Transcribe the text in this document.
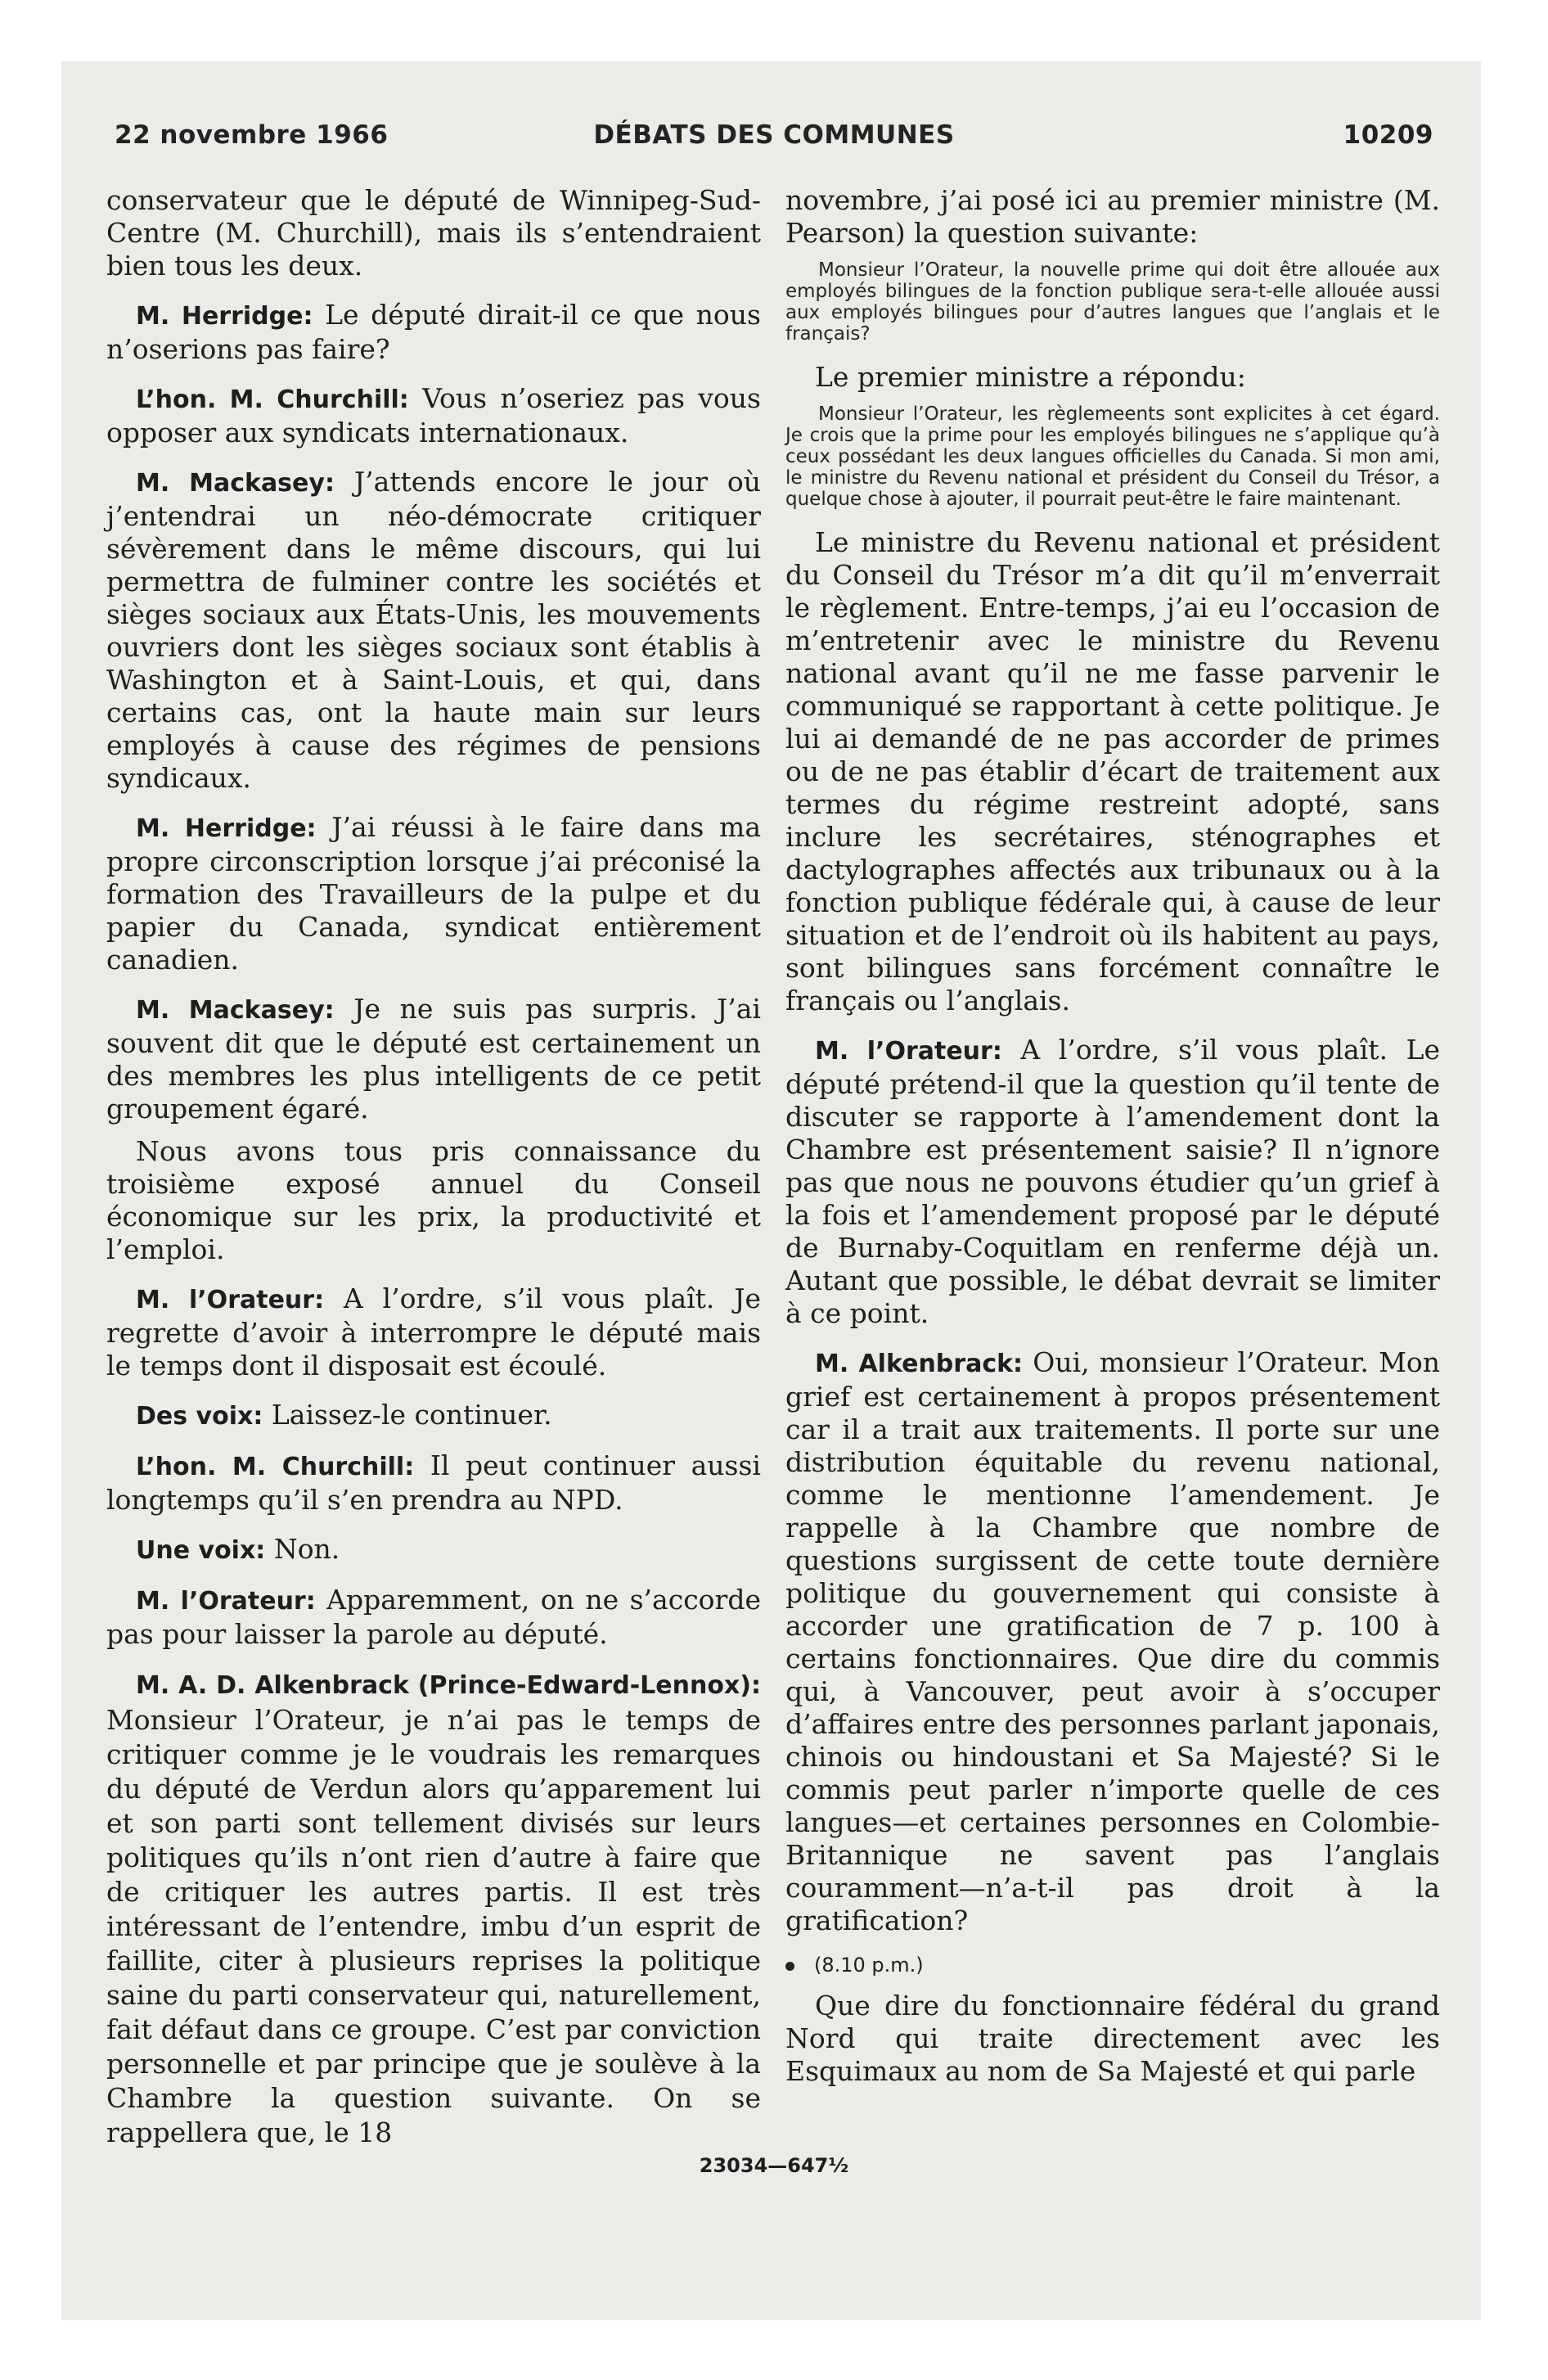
22 novembre 1966	DÉBATS DES COMMUNES	10209

conservateur que le député de Winnipeg-Sud-Centre (M. Churchill), mais ils s’entendraient bien tous les deux.

M. Herridge: Le député dirait-il ce que nous n’oserions pas faire?

L’hon. M. Churchill: Vous n’oseriez pas vous opposer aux syndicats internationaux.

M. Mackasey: J’attends encore le jour où j’entendrai un néo-démocrate critiquer sévèrement dans le même discours, qui lui permettra de fulminer contre les sociétés et sièges sociaux aux États-Unis, les mouvements ouvriers dont les sièges sociaux sont établis à Washington et à Saint-Louis, et qui, dans certains cas, ont la haute main sur leurs employés à cause des régimes de pensions syndicaux.

M. Herridge: J’ai réussi à le faire dans ma propre circonscription lorsque j’ai préconisé la formation des Travailleurs de la pulpe et du papier du Canada, syndicat entièrement canadien.

M. Mackasey: Je ne suis pas surpris. J’ai souvent dit que le député est certainement un des membres les plus intelligents de ce petit groupement égaré.

Nous avons tous pris connaissance du troisième exposé annuel du Conseil économique sur les prix, la productivité et l’emploi.

M. l’Orateur: A l’ordre, s’il vous plaît. Je regrette d’avoir à interrompre le député mais le temps dont il disposait est écoulé.

Des voix: Laissez-le continuer.

L’hon. M. Churchill: Il peut continuer aussi longtemps qu’il s’en prendra au NPD.

Une voix: Non.

M. l’Orateur: Apparemment, on ne s’accorde pas pour laisser la parole au député.

M. A. D. Alkenbrack (Prince-Edward-Lennox): Monsieur l’Orateur, je n’ai pas le temps de critiquer comme je le voudrais les remarques du député de Verdun alors qu’apparement lui et son parti sont tellement divisés sur leurs politiques qu’ils n’ont rien d’autre à faire que de critiquer les autres partis. Il est très intéressant de l’entendre, imbu d’un esprit de faillite, citer à plusieurs reprises la politique saine du parti conservateur qui, naturellement, fait défaut dans ce groupe. C’est par conviction personnelle et par principe que je soulève à la Chambre la question suivante. On se rappellera que, le 18

novembre, j’ai posé ici au premier ministre (M. Pearson) la question suivante:

Monsieur l’Orateur, la nouvelle prime qui doit être allouée aux employés bilingues de la fonction publique sera-t-elle allouée aussi aux employés bilingues pour d’autres langues que l’anglais et le français?

Le premier ministre a répondu:

Monsieur l’Orateur, les règlemeents sont explicites à cet égard. Je crois que la prime pour les employés bilingues ne s’applique qu’à ceux possédant les deux langues officielles du Canada. Si mon ami, le ministre du Revenu national et président du Conseil du Trésor, a quelque chose à ajouter, il pourrait peut-être le faire maintenant.

Le ministre du Revenu national et président du Conseil du Trésor m’a dit qu’il m’enverrait le règlement. Entre-temps, j’ai eu l’occasion de m’entretenir avec le ministre du Revenu national avant qu’il ne me fasse parvenir le communiqué se rapportant à cette politique. Je lui ai demandé de ne pas accorder de primes ou de ne pas établir d’écart de traitement aux termes du régime restreint adopté, sans inclure les secrétaires, sténographes et dactylographes affectés aux tribunaux ou à la fonction publique fédérale qui, à cause de leur situation et de l’endroit où ils habitent au pays, sont bilingues sans forcément connaître le français ou l’anglais.

M. l’Orateur: A l’ordre, s’il vous plaît. Le député prétend-il que la question qu’il tente de discuter se rapporte à l’amendement dont la Chambre est présentement saisie? Il n’ignore pas que nous ne pouvons étudier qu’un grief à la fois et l’amendement proposé par le député de Burnaby-Coquitlam en renferme déjà un. Autant que possible, le débat devrait se limiter à ce point.

M. Alkenbrack: Oui, monsieur l’Orateur. Mon grief est certainement à propos présentement car il a trait aux traitements. Il porte sur une distribution équitable du revenu national, comme le mentionne l’amendement. Je rappelle à la Chambre que nombre de questions surgissent de cette toute dernière politique du gouvernement qui consiste à accorder une gratification de 7 p. 100 à certains fonctionnaires. Que dire du commis qui, à Vancouver, peut avoir à s’occuper d’affaires entre des personnes parlant japonais, chinois ou hindoustani et Sa Majesté? Si le commis peut parler n’importe quelle de ces langues—et certaines personnes en Colombie-Britannique ne savent pas l’anglais couramment—n’a-t-il pas droit à la gratification?

(8.10 p.m.)

Que dire du fonctionnaire fédéral du grand Nord qui traite directement avec les Esquimaux au nom de Sa Majesté et qui parle

23034—647½
